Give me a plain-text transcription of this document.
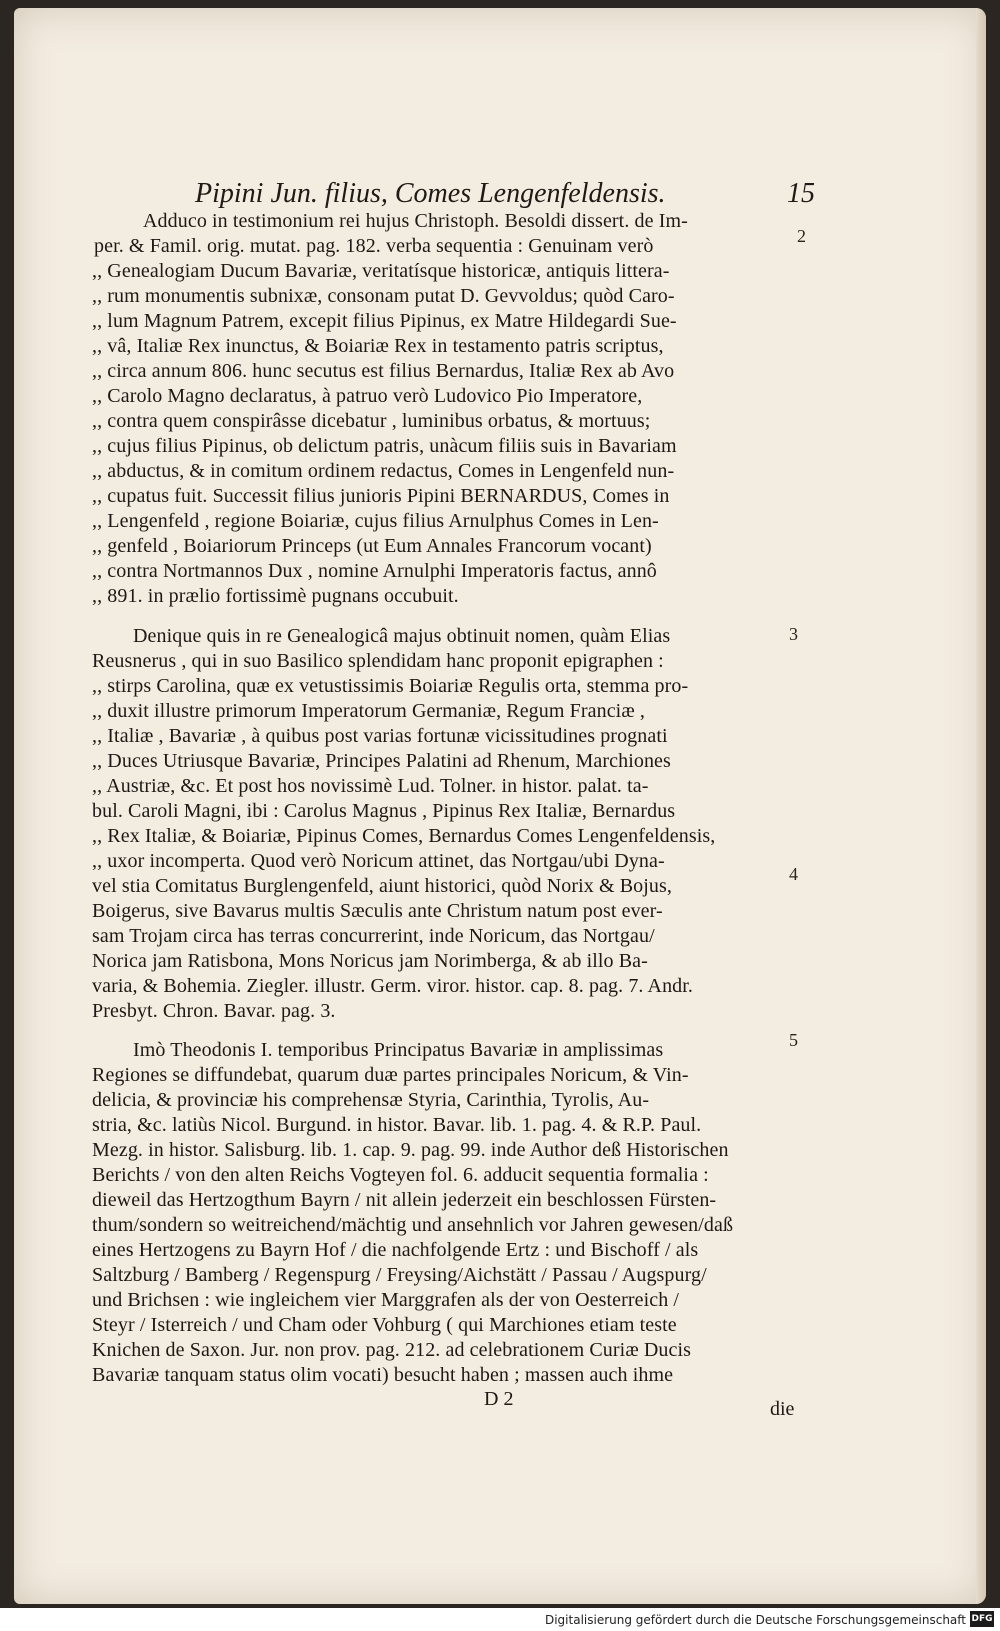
Pipini Jun. filius, Comes Lengenfeldensis.	15
2
3
4
5
Adduco in testimonium rei hujus Christoph. Besoldi dissert. de Im-
per. & Famil. orig. mutat. pag. 182. verba sequentia : Genuinam verò
,, Genealogiam Ducum Bavariæ, veritatísque historicæ, antiquis littera-
,, rum monumentis subnixæ, consonam putat D. Gevvoldus; quòd Caro-
,, lum Magnum Patrem, excepit filius Pipinus, ex Matre Hildegardi Sue-
,, vâ, Italiæ Rex inunctus, & Boiariæ Rex in testamento patris scriptus,
,, circa annum 806. hunc secutus est filius Bernardus, Italiæ Rex ab Avo
,, Carolo Magno declaratus, à patruo verò Ludovico Pio Imperatore,
,, contra quem conspirâsse dicebatur , luminibus orbatus, & mortuus;
,, cujus filius Pipinus, ob delictum patris, unàcum filiis suis in Bavariam
,, abductus, & in comitum ordinem redactus, Comes in Lengenfeld nun-
,, cupatus fuit. Successit filius junioris Pipini BERNARDUS, Comes in
,, Lengenfeld , regione Boiariæ, cujus filius Arnulphus Comes in Len-
,, genfeld , Boiariorum Princeps (ut Eum Annales Francorum vocant)
,, contra Nortmannos Dux , nomine Arnulphi Imperatoris factus, annô
,, 891. in prælio fortissimè pugnans occubuit.
Denique quis in re Genealogicâ majus obtinuit nomen, quàm Elias
Reusnerus , qui in suo Basilico splendidam hanc proponit epigraphen :
,, stirps Carolina, quæ ex vetustissimis Boiariæ Regulis orta, stemma pro-
,, duxit illustre primorum Imperatorum Germaniæ, Regum Franciæ ,
,, Italiæ , Bavariæ , à quibus post varias fortunæ vicissitudines prognati
,, Duces Utriusque Bavariæ, Principes Palatini ad Rhenum, Marchiones
,, Austriæ, &c. Et post hos novissimè Lud. Tolner. in histor. palat. ta-
bul. Caroli Magni, ibi : Carolus Magnus , Pipinus Rex Italiæ, Bernardus
,, Rex Italiæ, & Boiariæ, Pipinus Comes, Bernardus Comes Lengenfeldensis,
,, uxor incomperta. Quod verò Noricum attinet, das Nortgau/ubi Dyna-
vel stia Comitatus Burglengenfeld, aiunt historici, quòd Norix & Bojus,
Boigerus, sive Bavarus multis Sæculis ante Christum natum post ever-
sam Trojam circa has terras concurrerint, inde Noricum, das Nortgau/
Norica jam Ratisbona, Mons Noricus jam Norimberga, & ab illo Ba-
varia, & Bohemia. Ziegler. illustr. Germ. viror. histor. cap. 8. pag. 7. Andr.
Presbyt. Chron. Bavar. pag. 3.
Imò Theodonis I. temporibus Principatus Bavariæ in amplissimas
Regiones se diffundebat, quarum duæ partes principales Noricum, & Vin-
delicia, & provinciæ his comprehensæ Styria, Carinthia, Tyrolis, Au-
stria, &c. latiùs Nicol. Burgund. in histor. Bavar. lib. 1. pag. 4. & R.P. Paul.
Mezg. in histor. Salisburg. lib. 1. cap. 9. pag. 99. inde Author deß Historischen
Berichts / von den alten Reichs Vogteyen fol. 6. adducit sequentia formalia :
dieweil das Hertzogthum Bayrn / nit allein jederzeit ein beschlossen Fürsten-
thum/sondern so weitreichend/mächtig und ansehnlich vor Jahren gewesen/daß
eines Hertzogens zu Bayrn Hof / die nachfolgende Ertz : und Bischoff / als
Saltzburg / Bamberg / Regenspurg / Freysing/Aichstätt / Passau / Augspurg/
und Brichsen : wie ingleichem vier Marggrafen als der von Oesterreich /
Steyr / Isterreich / und Cham oder Vohburg ( qui Marchiones etiam teste
Knichen de Saxon. Jur. non prov. pag. 212. ad celebrationem Curiæ Ducis
Bavariæ tanquam status olim vocati) besucht haben ; massen auch ihme
D 2	die
Digitalisierung gefördert durch die Deutsche Forschungsgemeinschaft DFG
